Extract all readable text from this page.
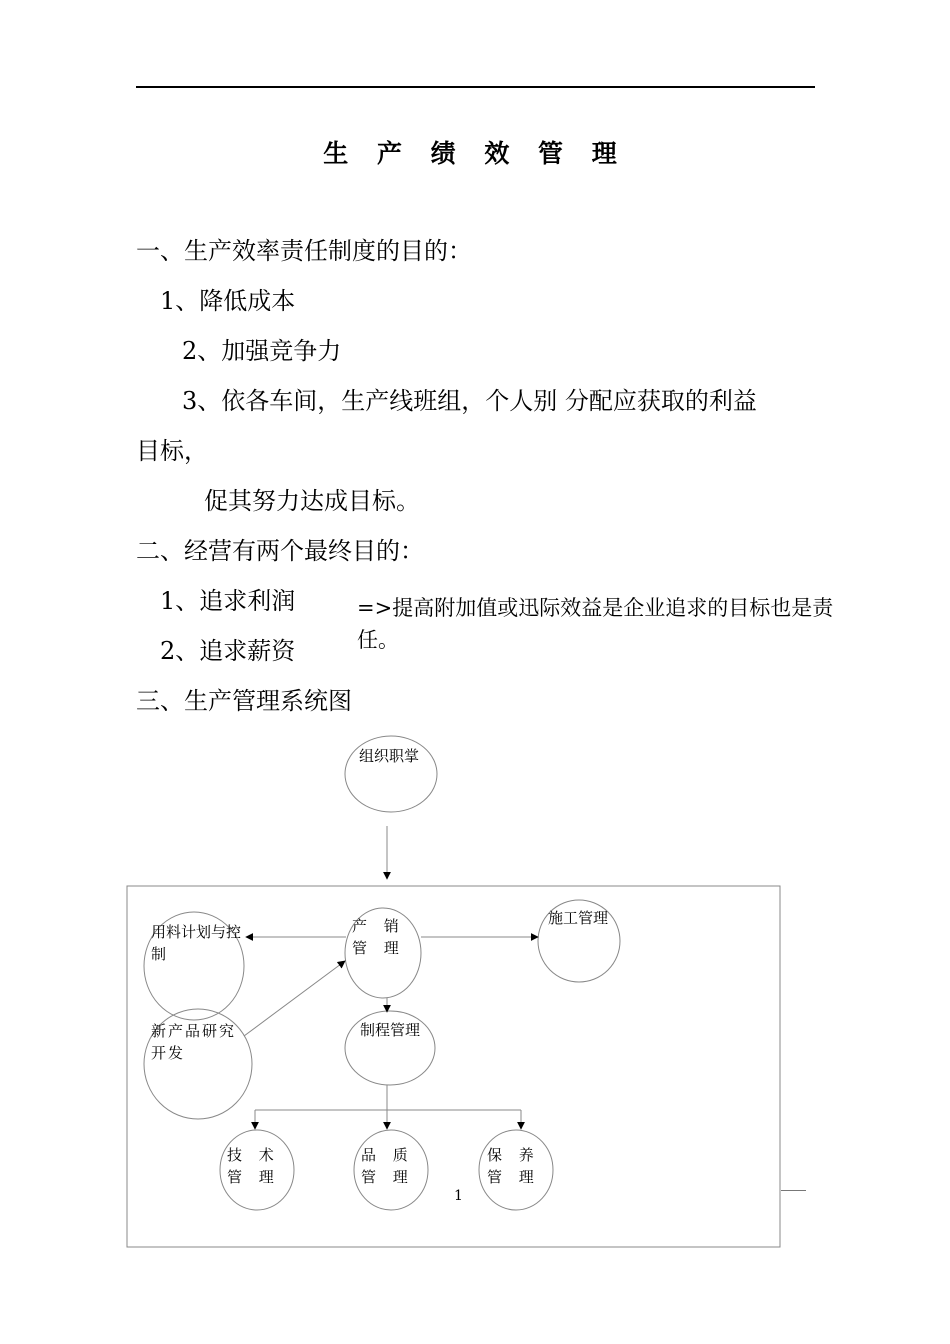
生 产 绩 效 管 理
一、生产效率责任制度的目的：
1、降低成本
2、加强竞争力
3、依各车间，生产线班组，个人别 分配应获取的利益
目标，
促其努力达成目标。
二、经营有两个最终目的：
1、追求利润
2、追求薪资
=>提高附加值或迅际效益是企业追求的目标也是责任。
三、生产管理系统图
组织职掌
产 销 管 理
用料计划与控制
施工管理
新产品研究开发
制程管理
技 术 管 理
品 质 管 理
保 养 管 理
1
